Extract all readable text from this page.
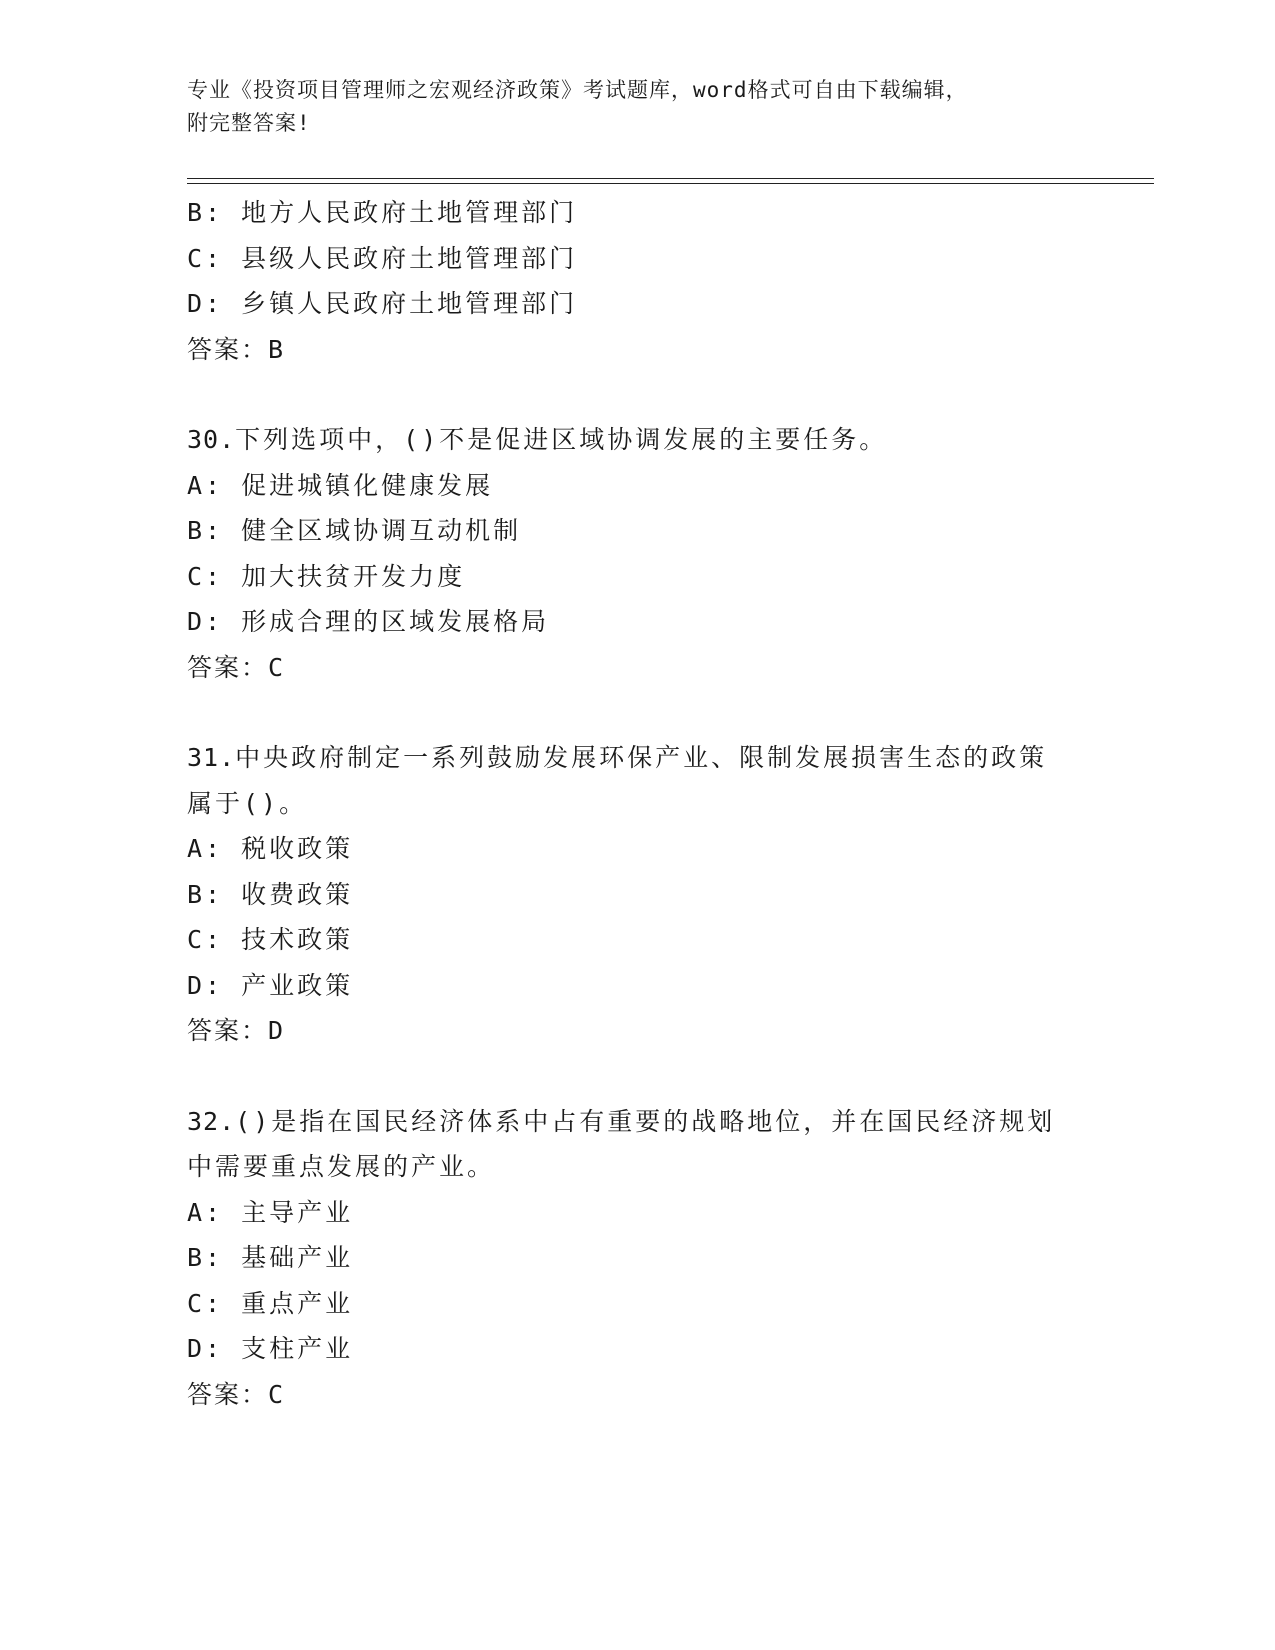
专业《投资项目管理师之宏观经济政策》考试题库，word格式可自由下载编辑，
附完整答案!
B: 地方人民政府土地管理部门
C: 县级人民政府土地管理部门
D: 乡镇人民政府土地管理部门
答案：B
30.下列选项中，()不是促进区域协调发展的主要任务。
A: 促进城镇化健康发展
B: 健全区域协调互动机制
C: 加大扶贫开发力度
D: 形成合理的区域发展格局
答案：C
31.中央政府制定一系列鼓励发展环保产业、限制发展损害生态的政策
属于()。
A: 税收政策
B: 收费政策
C: 技术政策
D: 产业政策
答案：D
32.()是指在国民经济体系中占有重要的战略地位，并在国民经济规划
中需要重点发展的产业。
A: 主导产业
B: 基础产业
C: 重点产业
D: 支柱产业
答案：C
